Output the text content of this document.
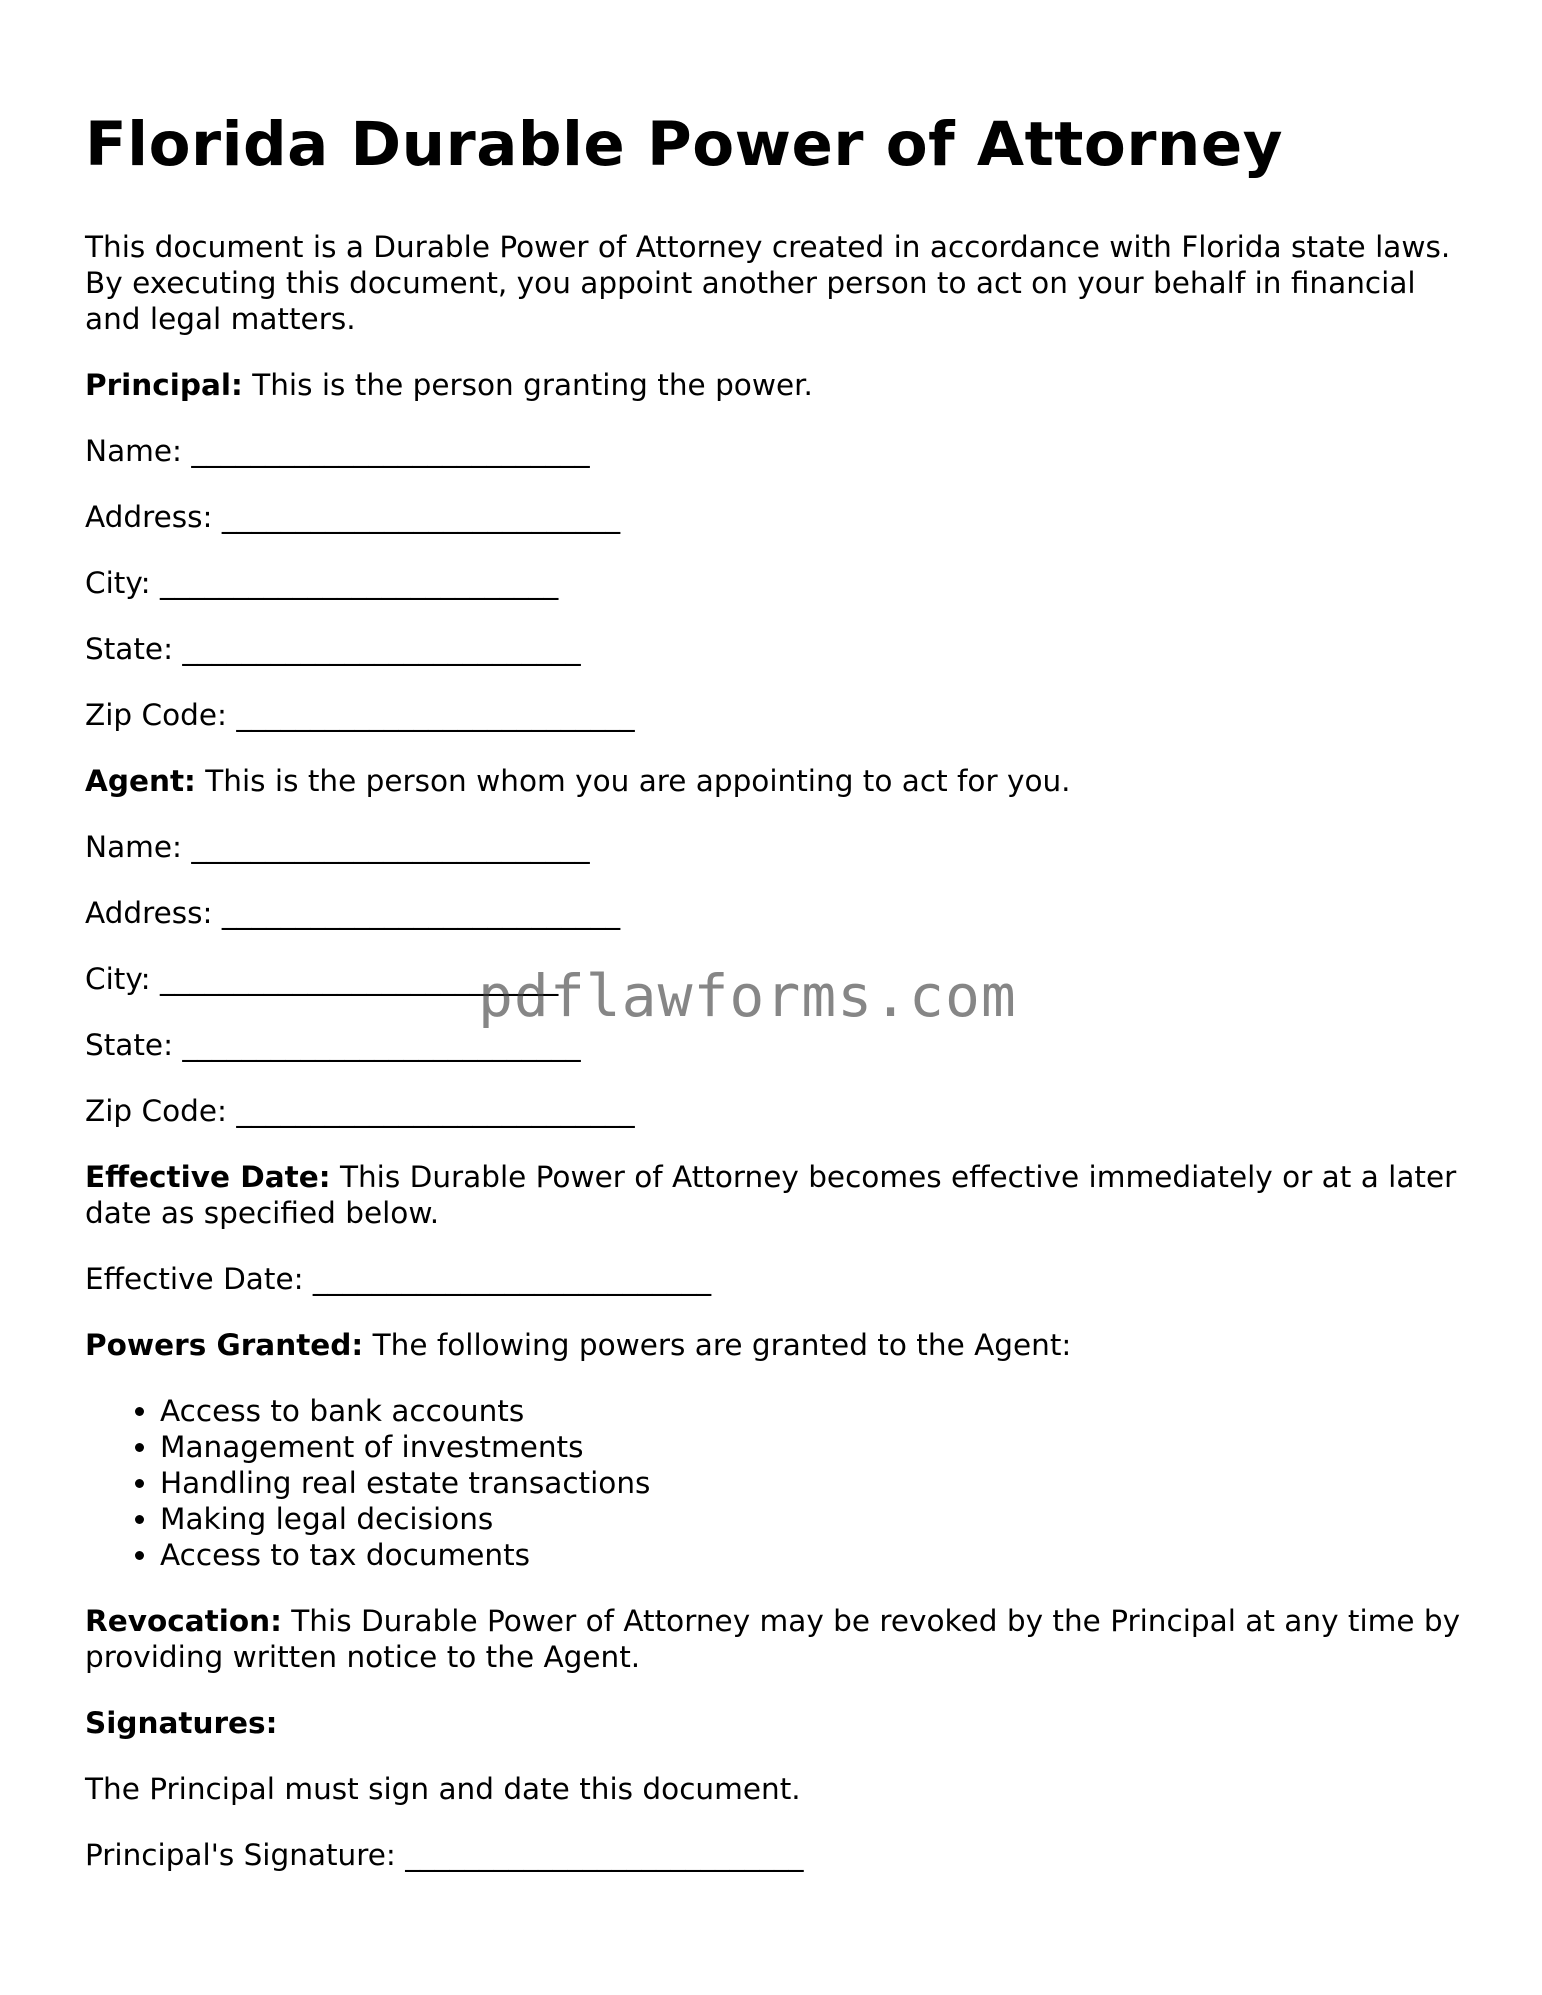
Florida Durable Power of Attorney

This document is a Durable Power of Attorney created in accordance with Florida state laws. By executing this document, you appoint another person to act on your behalf in financial and legal matters.

Principal: This is the person granting the power.

Name: ___________________________

Address: ___________________________

City: ___________________________

State: ___________________________

Zip Code: ___________________________

Agent: This is the person whom you are appointing to act for you.

Name: ___________________________

Address: ___________________________

City: ___________________________

State: ___________________________

Zip Code: ___________________________

Effective Date: This Durable Power of Attorney becomes effective immediately or at a later date as specified below.

Effective Date: ___________________________

Powers Granted: The following powers are granted to the Agent:

• Access to bank accounts
• Management of investments
• Handling real estate transactions
• Making legal decisions
• Access to tax documents

Revocation: This Durable Power of Attorney may be revoked by the Principal at any time by providing written notice to the Agent.

Signatures:

The Principal must sign and date this document.

Principal's Signature: ___________________________

pdflawforms.com
